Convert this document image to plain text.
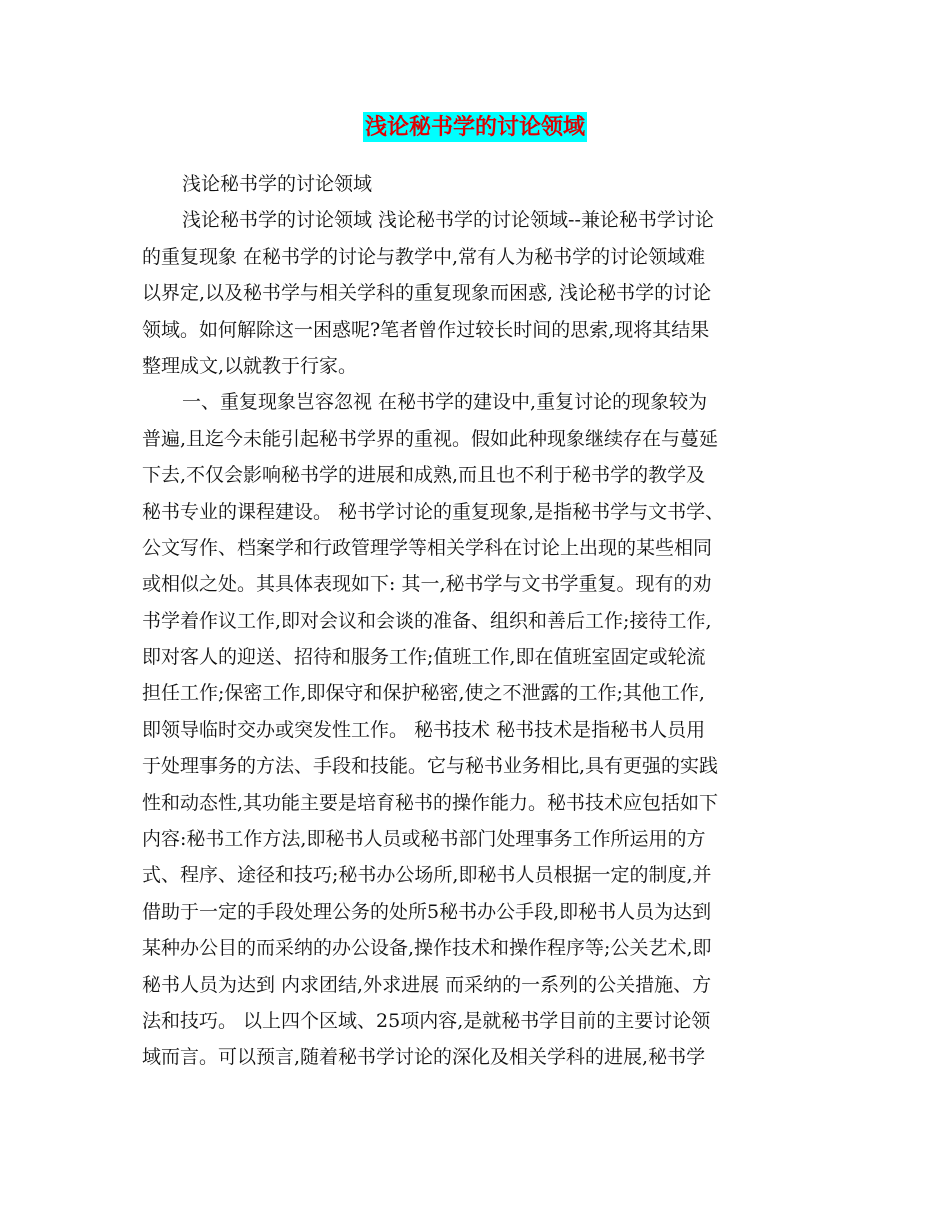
浅论秘书学的讨论领域
浅论秘书学的讨论领域
浅论秘书学的讨论领域 浅论秘书学的讨论领域--兼论秘书学讨论
的重复现象 在秘书学的讨论与教学中,常有人为秘书学的讨论领域难
以界定,以及秘书学与相关学科的重复现象而困惑, 浅论秘书学的讨论
领域。如何解除这一困惑呢?笔者曾作过较长时间的思索,现将其结果
整理成文,以就教于行家。
一、重复现象岂容忽视 在秘书学的建设中,重复讨论的现象较为
普遍,且迄今未能引起秘书学界的重视。假如此种现象继续存在与蔓延
下去,不仅会影响秘书学的进展和成熟,而且也不利于秘书学的教学及
秘书专业的课程建设。 秘书学讨论的重复现象,是指秘书学与文书学、
公文写作、档案学和行政管理学等相关学科在讨论上出现的某些相同
或相似之处。其具体表现如下: 其一,秘书学与文书学重复。现有的劝
书学着作议工作,即对会议和会谈的准备、组织和善后工作;接待工作,
即对客人的迎送、招待和服务工作;值班工作,即在值班室固定或轮流
担任工作;保密工作,即保守和保护秘密,使之不泄露的工作;其他工作,
即领导临时交办或突发性工作。 秘书技术 秘书技术是指秘书人员用
于处理事务的方法、手段和技能。它与秘书业务相比,具有更强的实践
性和动态性,其功能主要是培育秘书的操作能力。秘书技术应包括如下
内容:秘书工作方法,即秘书人员或秘书部门处理事务工作所运用的方
式、程序、途径和技巧;秘书办公场所,即秘书人员根据一定的制度,并
借助于一定的手段处理公务的处所5秘书办公手段,即秘书人员为达到
某种办公目的而采纳的办公设备,操作技术和操作程序等;公关艺术,即
秘书人员为达到 内求团结,外求进展 而采纳的一系列的公关措施、方
法和技巧。 以上四个区域、25项内容,是就秘书学目前的主要讨论领
域而言。可以预言,随着秘书学讨论的深化及相关学科的进展,秘书学
